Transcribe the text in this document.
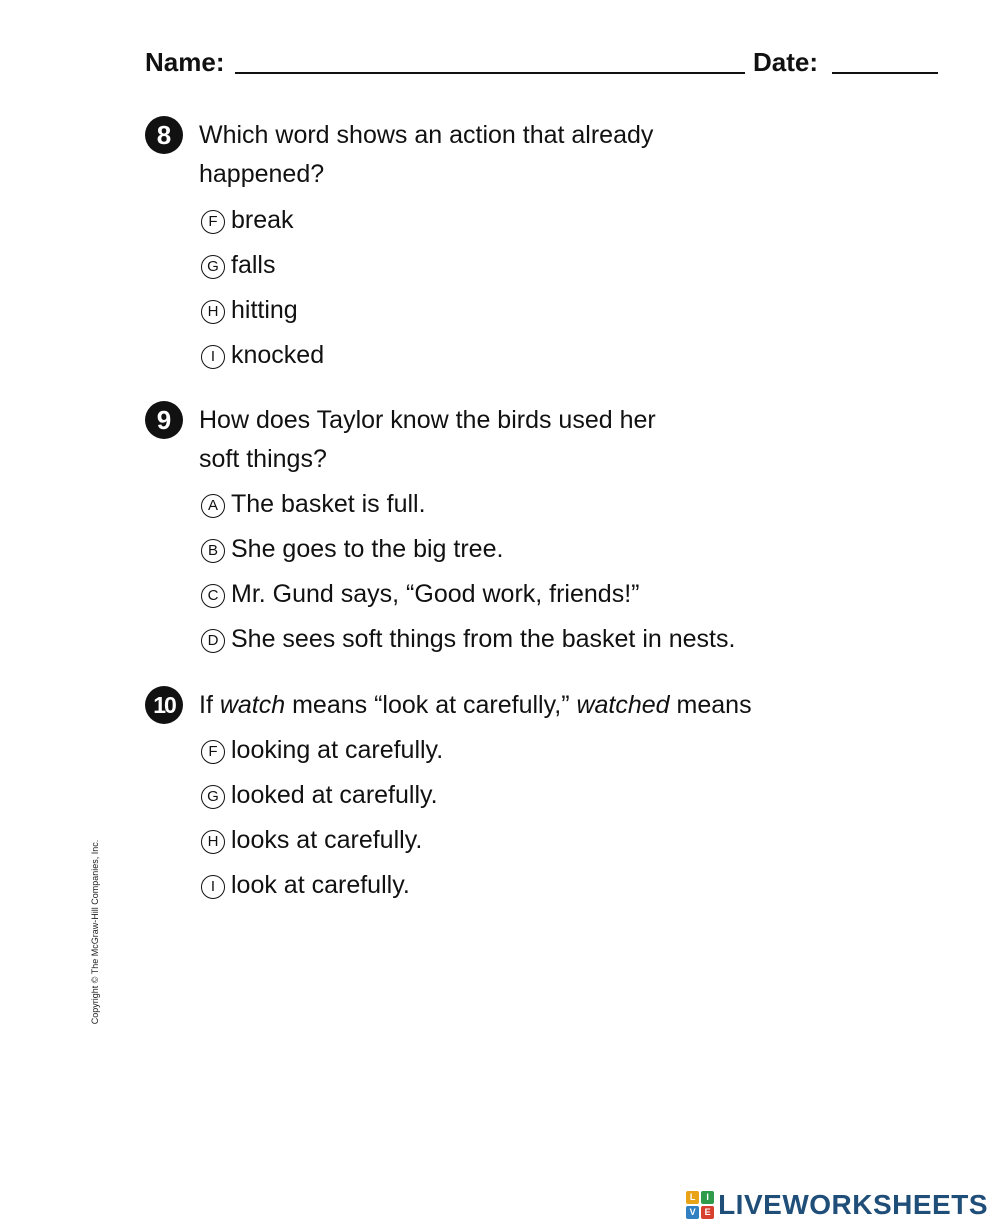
Name:	Date:
8	Which word shows an action that already
happened?
F break
G falls
H hitting
I knocked
9	How does Taylor know the birds used her
soft things?
A The basket is full.
B She goes to the big tree.
C Mr. Gund says, “Good work, friends!”
D She sees soft things from the basket in nests.
10 If watch means “look at carefully,” watched means
F looking at carefully.
G looked at carefully.
H looks at carefully.
I look at carefully.
Copyright © The McGraw-Hill Companies, Inc.
L	I
V E LIVEWORKSHEETS
